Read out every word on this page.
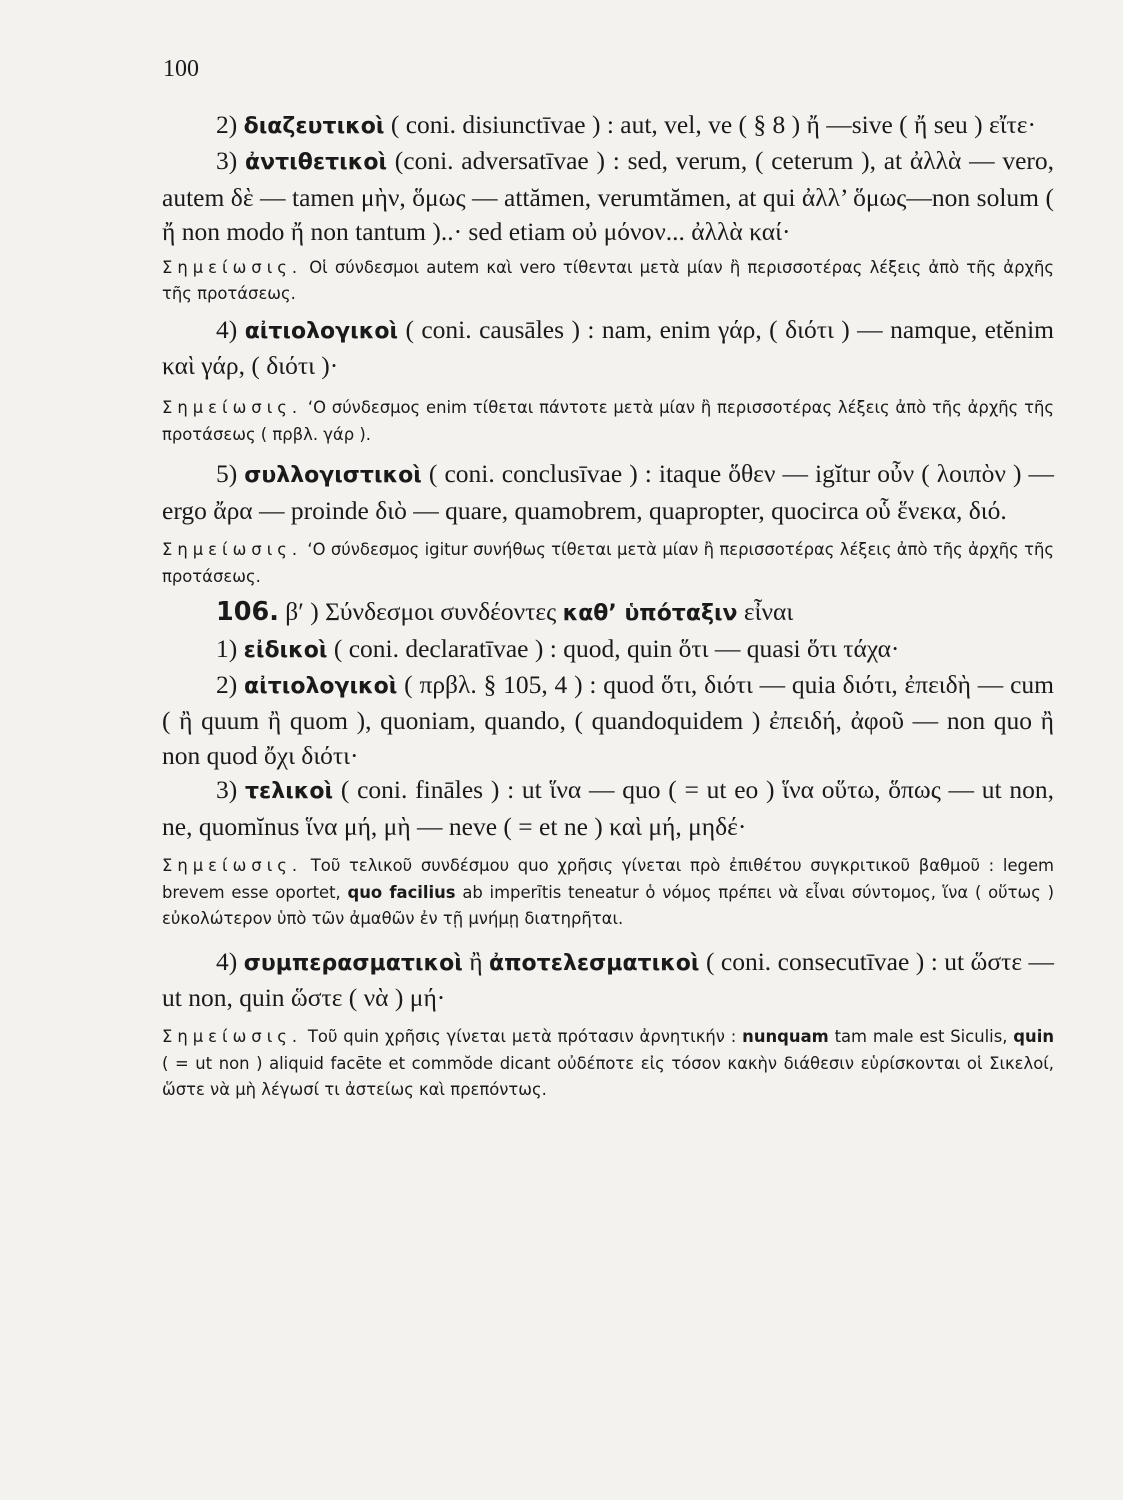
100

2) διαζευτικοὶ ( coni. disiunctīvae ) : aut, vel, ve ( § 8 ) ἤ —sive ( ἤ seu ) εἴτε·

3) ἀντιθετικοὶ (coni. adversatīvae ) : sed, verum, ( ceterum ), at ἀλλὰ — vero, autem δὲ — tamen μὴν, ὅμως — attămen, verumtămen, at qui ἀλλ’ ὅμως—non solum ( ἤ non modo ἤ non tantum )..· sed etiam οὐ μόνον... ἀλλὰ καί·

Σημείωσις. Οἱ σύνδεσμοι autem καὶ vero τίθενται μετὰ μίαν ἢ περισσοτέρας λέξεις ἀπὸ τῆς ἀρχῆς τῆς προτάσεως.

4) αἰτιολογικοὶ ( coni. causāles ) : nam, enim γάρ, ( διότι ) — namque, etĕnim καὶ γάρ, ( διότι )·

Σημείωσις. ‘Ο σύνδεσμος enim τίθεται πάντοτε μετὰ μίαν ἢ περισσοτέρας λέξεις ἀπὸ τῆς ἀρχῆς τῆς προτάσεως ( πρβλ. γάρ ).

5) συλλογιστικοὶ ( coni. conclusīvae ) : itaque ὅθεν — igĭtur οὖν ( λοιπὸν ) — ergo ἄρα — proinde διὸ — quare, quamobrem, quapropter, quocirca οὗ ἕνεκα, διό.

Σημείωσις. ‘Ο σύνδεσμος igitur συνήθως τίθεται μετὰ μίαν ἢ περισσοτέρας λέξεις ἀπὸ τῆς ἀρχῆς τῆς προτάσεως.

106. β′ ) Σύνδεσμοι συνδέοντες καθ’ ὑπόταξιν εἶναι

1) εἰδικοὶ ( coni. declaratīvae ) : quod, quin ὅτι — quasi ὅτι τάχα·

2) αἰτιολογικοὶ ( πρβλ. § 105, 4 ) : quod ὅτι, διότι — quia διότι, ἐπειδὴ — cum ( ἢ quum ἢ quom ), quoniam, quando, ( quandoquidem ) ἐπειδή, ἀφοῦ — non quo ἢ non quod ὄχι διότι·

3) τελικοὶ ( coni. fināles ) : ut ἵνα — quo ( = ut eo ) ἵνα οὕτω, ὅπως — ut non, ne, quomĭnus ἵνα μή, μὴ — neve ( = et ne ) καὶ μή, μηδέ·

Σημείωσις. Τοῦ τελικοῦ συνδέσμου quo χρῆσις γίνεται πρὸ ἐπιθέτου συγκριτικοῦ βαθμοῦ : legem brevem esse oportet, quo facilius ab imperītis teneatur ὁ νόμος πρέπει νὰ εἶναι σύντομος, ἵνα ( οὕτως ) εὐκολώτερον ὑπὸ τῶν ἀμαθῶν ἐν τῇ μνήμῃ διατηρῆται.

4) συμπερασματικοὶ ἢ ἀποτελεσματικοὶ ( coni. consecutīvae ) : ut ὥστε — ut non, quin ὥστε ( νὰ ) μή·

Σημείωσις. Τοῦ quin χρῆσις γίνεται μετὰ πρότασιν ἀρνητικήν : nunquam tam male est Siculis, quin ( = ut non ) aliquid facēte et commŏde dicant οὐδέποτε εἰς τόσον κακὴν διάθεσιν εὑρίσκονται οἱ Σικελοί, ὥστε νὰ μὴ λέγωσί τι ἀστείως καὶ πρεπόντως.
